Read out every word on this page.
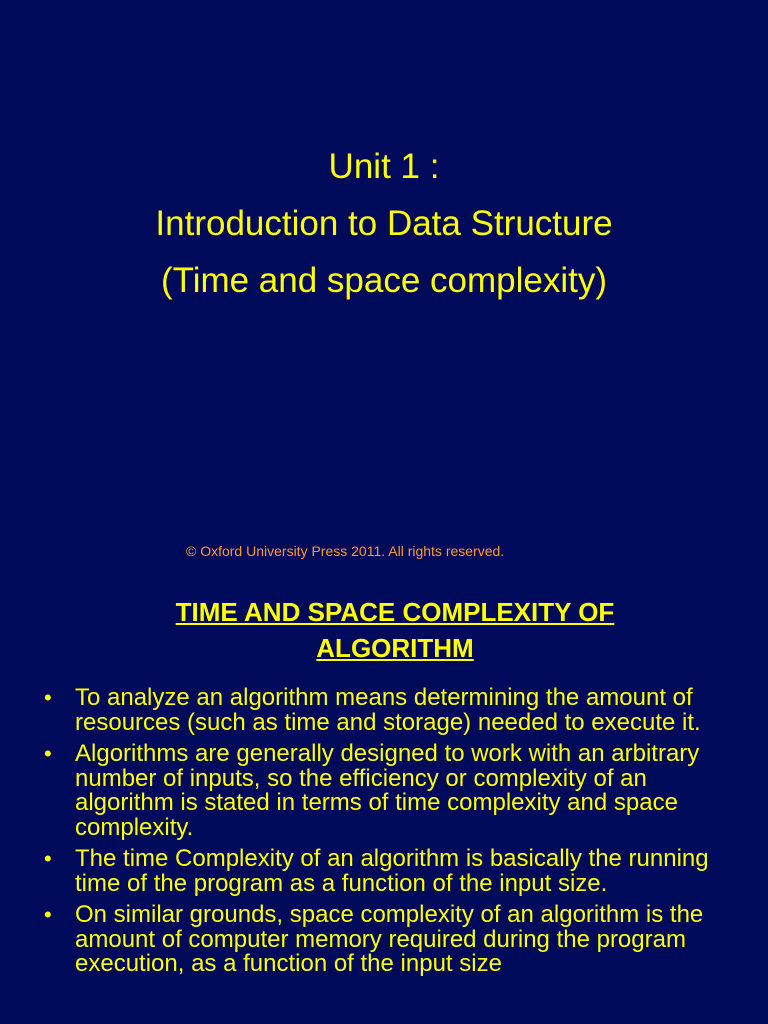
Unit 1 :
Introduction to Data Structure
(Time and space complexity)
© Oxford University Press 2011. All rights reserved.
TIME AND SPACE COMPLEXITY OF
ALGORITHM
• To analyze an algorithm means determining the amount of resources (such as time and storage) needed to execute it.
• Algorithms are generally designed to work with an arbitrary number of inputs, so the efficiency or complexity of an algorithm is stated in terms of time complexity and space complexity.
• The time Complexity of an algorithm is basically the running time of the program as a function of the input size.
• On similar grounds, space complexity of an algorithm is the amount of computer memory required during the program execution, as a function of the input size
